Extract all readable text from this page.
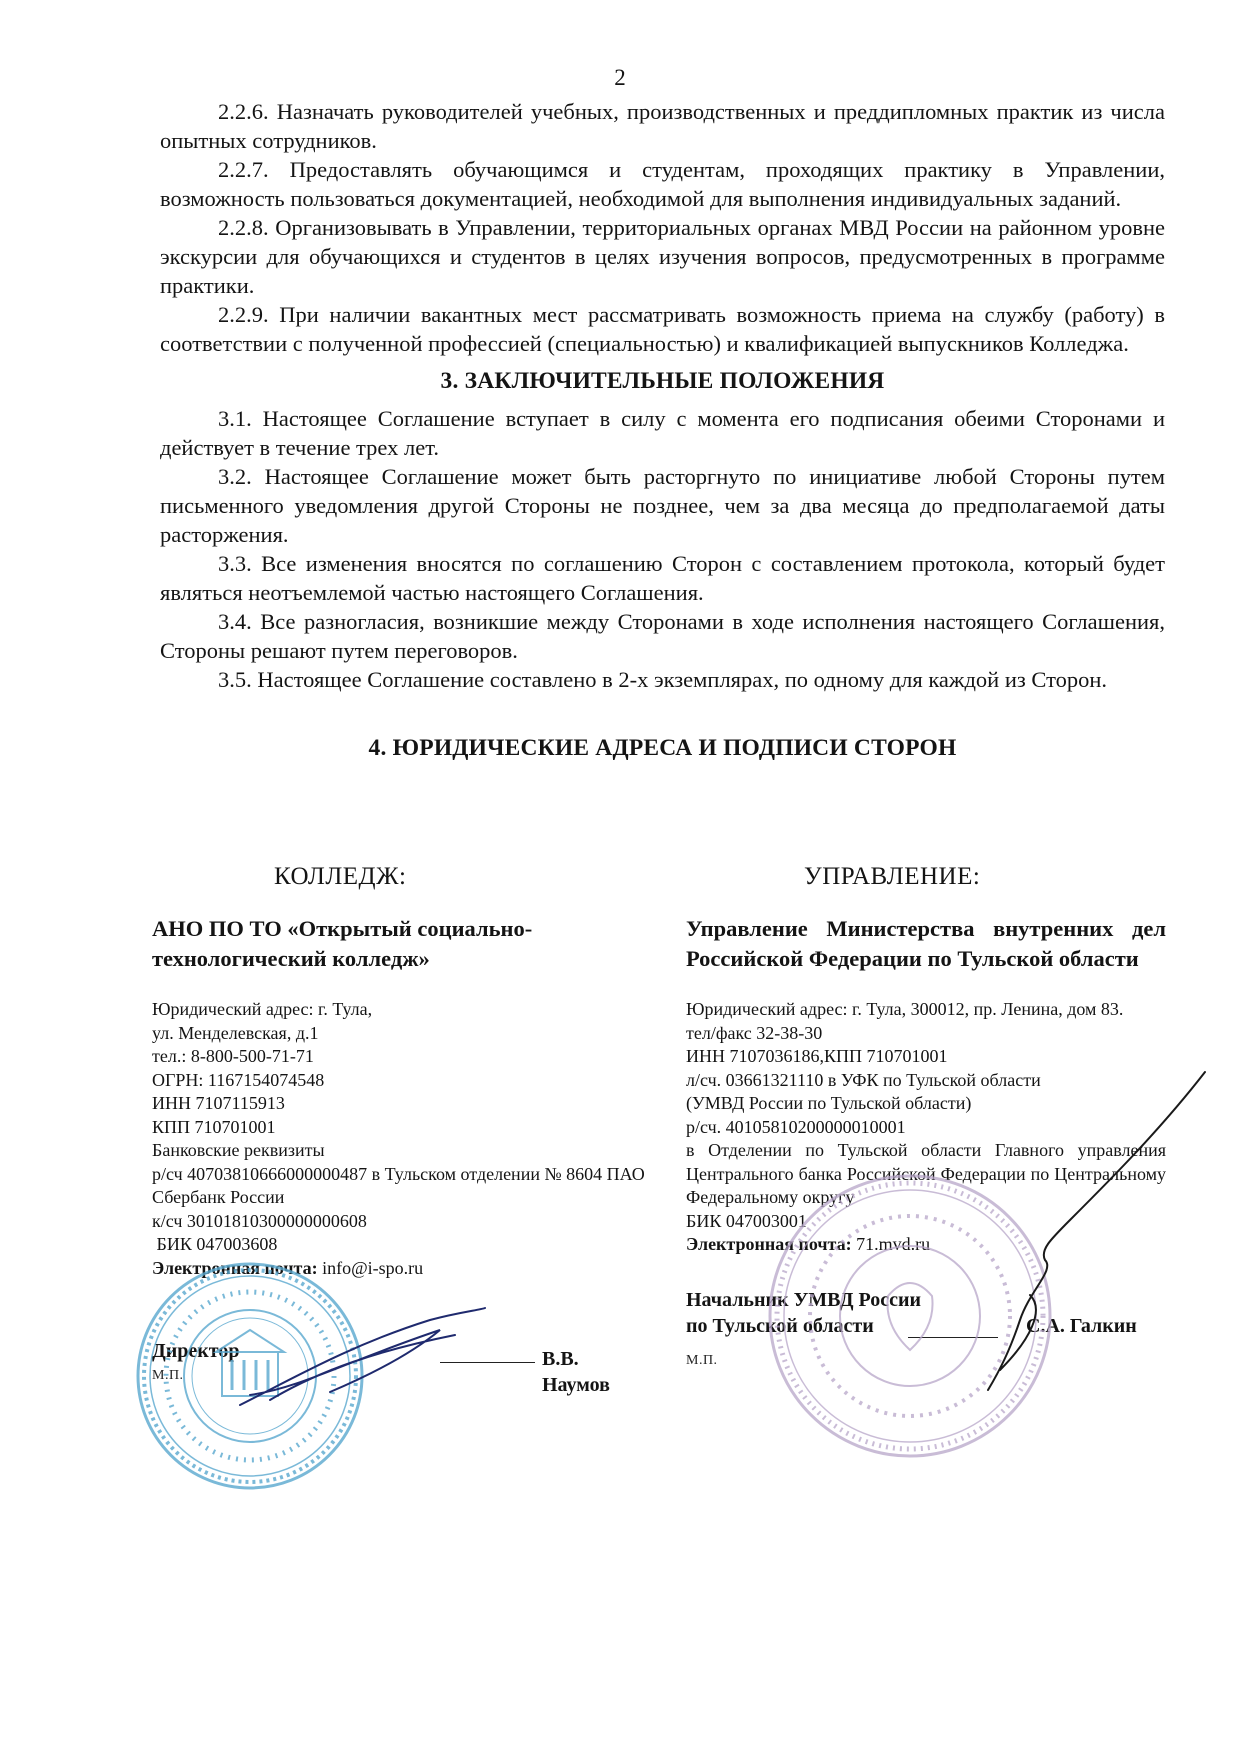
2

2.2.6. Назначать руководителей учебных, производственных и преддипломных практик из числа опытных сотрудников.

2.2.7. Предоставлять обучающимся и студентам, проходящих практику в Управлении, возможность пользоваться документацией, необходимой для выполнения индивидуальных заданий.

2.2.8. Организовывать в Управлении, территориальных органах МВД России на районном уровне экскурсии для обучающихся и студентов в целях изучения вопросов, предусмотренных в программе практики.

2.2.9. При наличии вакантных мест рассматривать возможность приема на службу (работу) в соответствии с полученной профессией (специальностью) и квалификацией выпускников Колледжа.

3. ЗАКЛЮЧИТЕЛЬНЫЕ ПОЛОЖЕНИЯ

3.1. Настоящее Соглашение вступает в силу с момента его подписания обеими Сторонами и действует в течение трех лет.

3.2. Настоящее Соглашение может быть расторгнуто по инициативе любой Стороны путем письменного уведомления другой Стороны не позднее, чем за два месяца до предполагаемой даты расторжения.

3.3. Все изменения вносятся по соглашению Сторон с составлением протокола, который будет являться неотъемлемой частью настоящего Соглашения.

3.4. Все разногласия, возникшие между Сторонами в ходе исполнения настоящего Соглашения, Стороны решают путем переговоров.

3.5. Настоящее Соглашение составлено в 2-х экземплярах, по одному для каждой из Сторон.

4. ЮРИДИЧЕСКИЕ АДРЕСА И ПОДПИСИ СТОРОН
КОЛЛЕДЖ:
АНО ПО ТО «Открытый социально-технологический колледж»
Юридический адрес: г. Тула,
ул. Менделевская, д.1
тел.: 8-800-500-71-71
ОГРН: 1167154074548
ИНН 7107115913
КПП 710701001
Банковские реквизиты
р/сч 40703810666000000487 в Тульском отделении № 8604 ПАО Сбербанк России
к/сч 30101810300000000608
БИК 047003608
Электронная почта: info@i-spo.ru
Директор	В.В. Наумов
М.П.
УПРАВЛЕНИЕ:
Управление Министерства внутренних дел Российской Федерации по Тульской области
Юридический адрес: г. Тула, 300012, пр. Ленина, дом 83.
тел/факс 32-38-30
ИНН 7107036186,КПП 710701001
л/сч. 03661321110 в УФК по Тульской области
(УМВД России по Тульской области)
р/сч. 40105810200000010001
в Отделении по Тульской области Главного управления Центрального банка Российской Федерации по Центральному Федеральному округу
БИК 047003001
Электронная почта: 71.mvd.ru
Начальник УМВД России
по Тульской области	С.А. Галкин
М.П.
